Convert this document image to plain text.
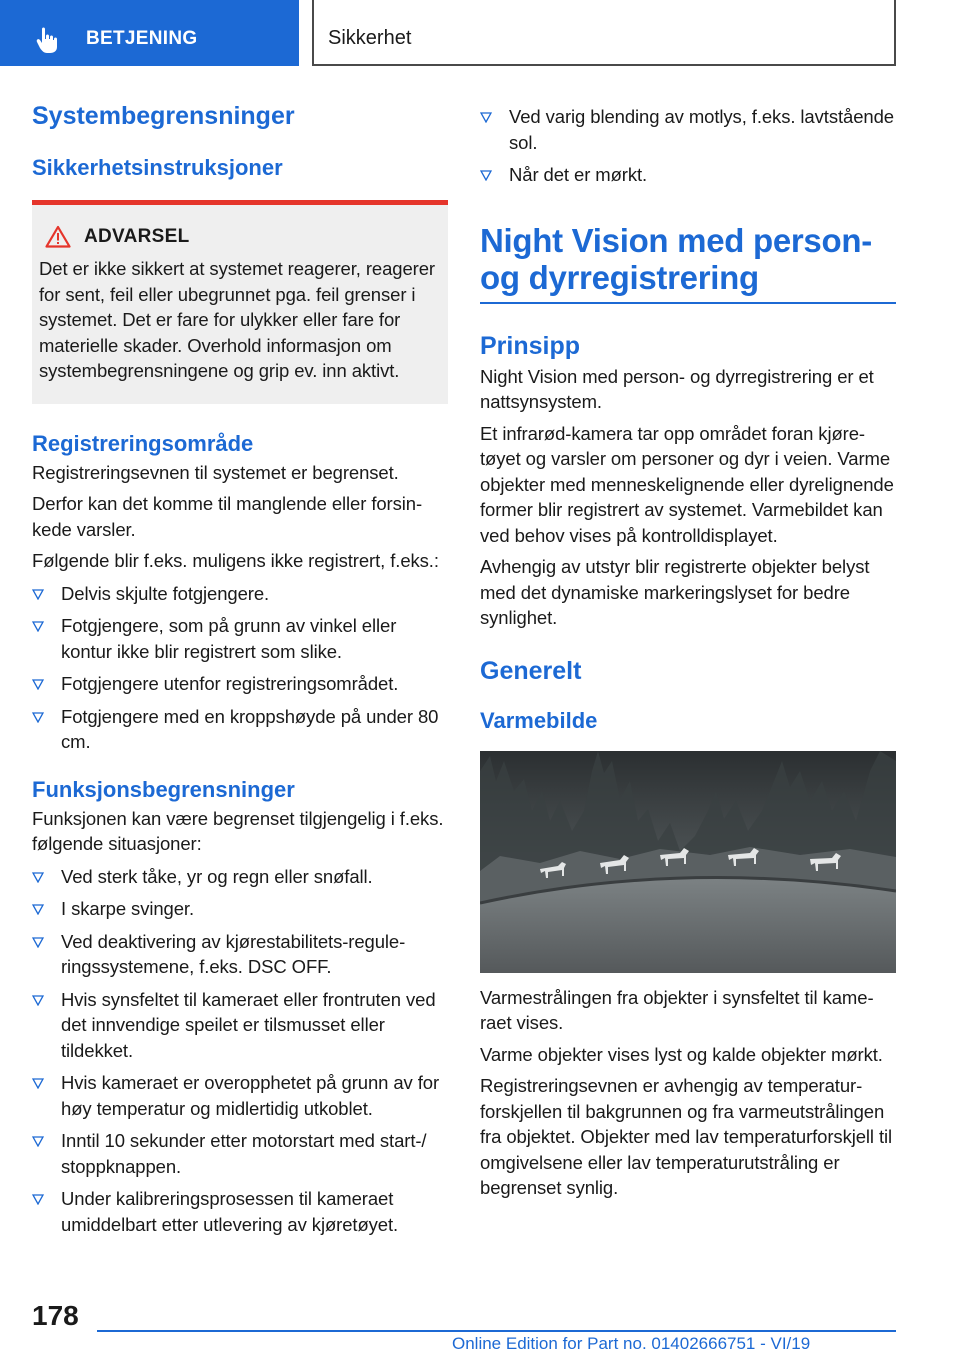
BETJENING	Sikkerhet
Systembegrensninger
Sikkerhetsinstruksjoner
ADVARSEL

Det er ikke sikkert at systemet reagerer, reagerer for sent, feil eller ubegrunnet pga. feil grenser i systemet. Det er fare for ulykker eller fare for materielle skader. Overhold informasjon om systembegrensningene og grip ev. inn aktivt.

Registreringsområde

Registreringsevnen til systemet er begrenset.

Derfor kan det komme til manglende eller forsinkede varsler.

Følgende blir f.eks. muligens ikke registrert, f.eks.:

Delvis skjulte fotgjengere.
Fotgjengere, som på grunn av vinkel eller kontur ikke blir registrert som slike.
Fotgjengere utenfor registreringsområdet.
Fotgjengere med en kroppshøyde på under 80 cm.
Funksjonsbegrensninger

Funksjonen kan være begrenset tilgjengelig i f.eks. følgende situasjoner:

Ved sterk tåke, yr og regn eller snøfall.
I skarpe svinger.
Ved deaktivering av kjørestabilitets-reguleringssystemene, f.eks. DSC OFF.
Hvis synsfeltet til kameraet eller frontruten ved det innvendige speilet er tilsmusset eller tildekket.
Hvis kameraet er overopphetet på grunn av for høy temperatur og midlertidig utkoblet.
Inntil 10 sekunder etter motorstart med start-/ stoppknappen.
Under kalibreringsprosessen til kameraet umiddelbart etter utlevering av kjøretøyet.
Ved varig blending av motlys, f.eks. lavtstående sol.
Når det er mørkt.
Night Vision med person- og dyrregistrering
Prinsipp

Night Vision med person- og dyrregistrering er et nattsynsystem.

Et infrarød-kamera tar opp området foran kjøretøyet og varsler om personer og dyr i veien. Varme objekter med menneskelignende eller dyrelignende former blir registrert av systemet. Varmebildet kan ved behov vises på kontrolldisplayet.

Avhengig av utstyr blir registrerte objekter belyst med det dynamiske markeringslyset for bedre synlighet.

Generelt
Varmebilde

Varmestrålingen fra objekter i synsfeltet til kameraet vises.

Varme objekter vises lyst og kalde objekter mørkt.

Registreringsevnen er avhengig av temperaturforskjellen til bakgrunnen og fra varmeutstrålingen fra objektet. Objekter med lav temperaturforskjell til omgivelsene eller lav temperaturutstråling er begrenset synlig.

178
Online Edition for Part no. 01402666751 - VI/19
